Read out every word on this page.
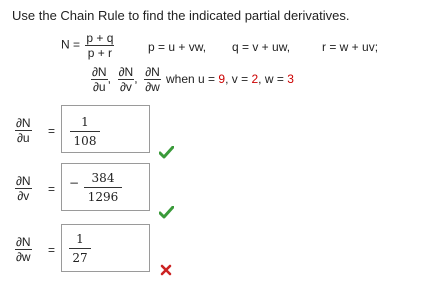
Use the Chain Rule to find the indicated partial derivatives.
$N = \frac{p + q}{p + r}$	p = u + vw, q = v + uw,	r = w + uv;
$\frac{\partial N}{\partial u}$ , $\frac{\partial N}{\partial v}$ , $\frac{\partial N}{\partial w}$ when u = 9, v = 2, w = 3
$\frac{\partial N}{\partial u}$ =
1
108
$\frac{\partial N}{\partial v}$ = −	384
1296
$\frac{\partial N}{\partial w}$ =
1
27
